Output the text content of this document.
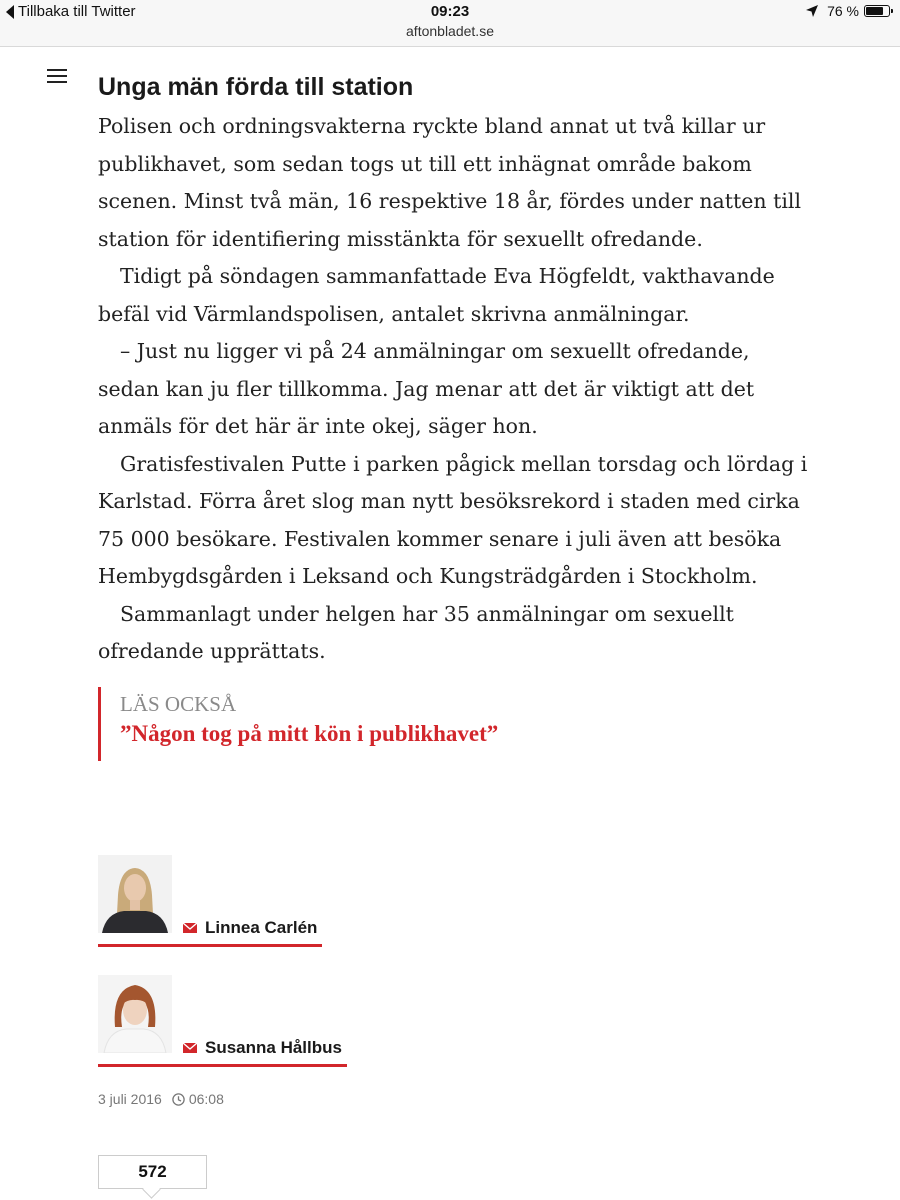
Tillbaka till Twitter	09:23
aftonbladet.se
76 %
Unga män förda till station

Polisen och ordningsvakterna ryckte bland annat ut två killar ur publikhavet, som sedan togs ut till ett inhägnat område bakom scenen. Minst två män, 16 respektive 18 år, fördes under natten till station för identifiering misstänkta för sexuellt ofredande.

Tidigt på söndagen sammanfattade Eva Högfeldt, vakthavande befäl vid Värmlandspolisen, antalet skrivna anmälningar.

– Just nu ligger vi på 24 anmälningar om sexuellt ofredande, sedan kan ju fler tillkomma. Jag menar att det är viktigt att det anmäls för det här är inte okej, säger hon.

Gratisfestivalen Putte i parken pågick mellan torsdag och lördag i Karlstad. Förra året slog man nytt besöksrekord i staden med cirka 75 000 besökare. Festivalen kommer senare i juli även att besöka Hembygdsgården i Leksand och Kungsträdgården i Stockholm.

Sammanlagt under helgen har 35 anmälningar om sexuellt ofredande upprättats.

LÄS OCKSÅ
”Någon tog på mitt kön i publikhavet”
Linnea Carlén
Susanna Hållbus
3 juli 2016 06:08
572
